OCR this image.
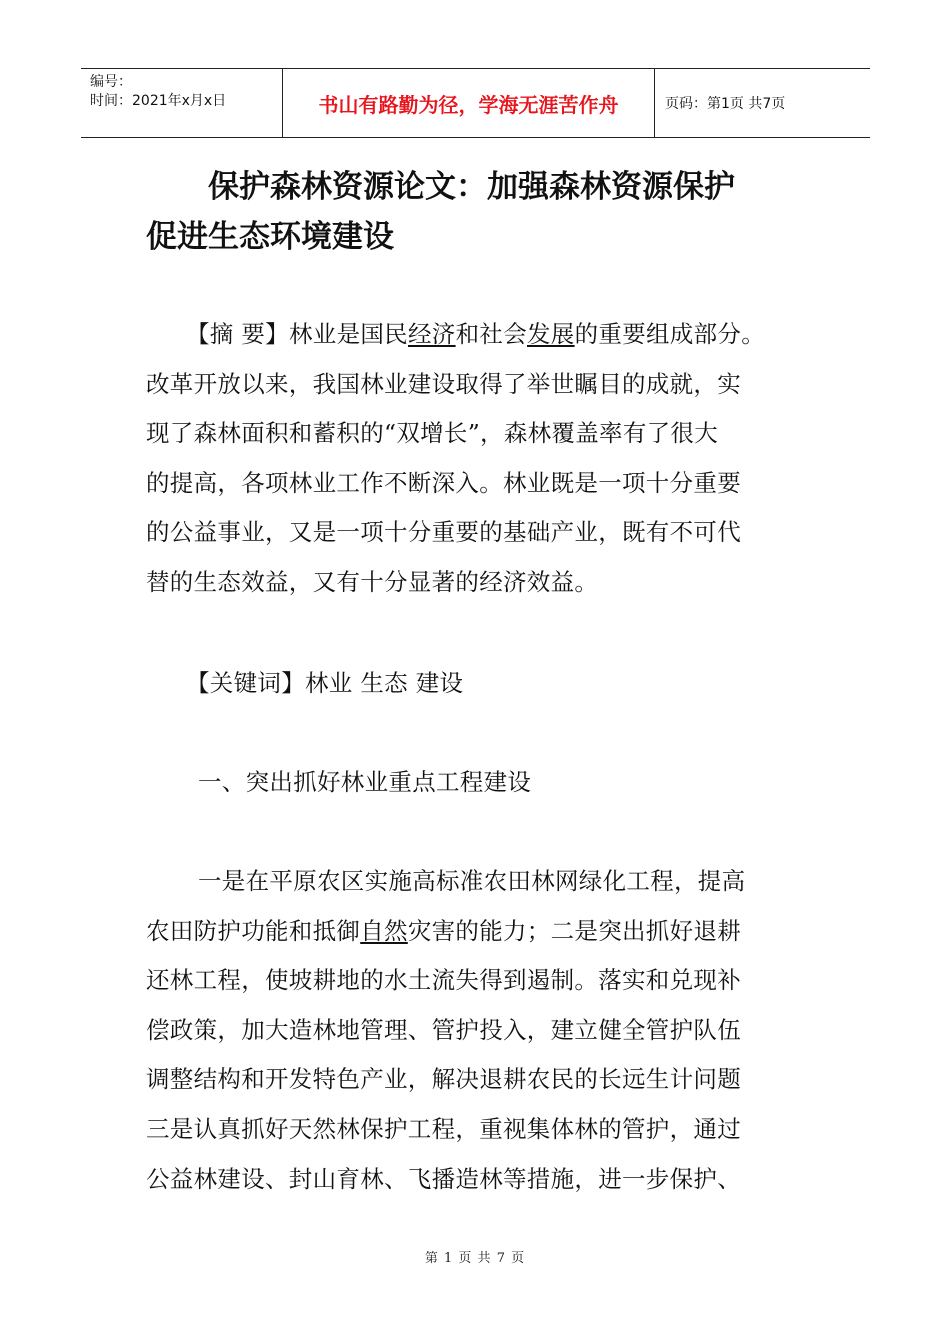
编号：
时间：2021年x月x日	书山有路勤为径，学海无涯苦作舟	页码：第1页 共7页
保护森林资源论文：加强森林资源保护
促进生态环境建设
【摘 要】林业是国民经济和社会发展的重要组成部分。
改革开放以来，我国林业建设取得了举世瞩目的成就，实
现了森林面积和蓄积的“双增长”，森林覆盖率有了很大
的提高，各项林业工作不断深入。林业既是一项十分重要
的公益事业，又是一项十分重要的基础产业，既有不可代
替的生态效益，又有十分显著的经济效益。
【关键词】林业 生态 建设
一、突出抓好林业重点工程建设
一是在平原农区实施高标准农田林网绿化工程，提高
农田防护功能和抵御自然灾害的能力；二是突出抓好退耕
还林工程，使坡耕地的水土流失得到遏制。落实和兑现补
偿政策，加大造林地管理、管护投入，建立健全管护队伍
调整结构和开发特色产业，解决退耕农民的长远生计问题
三是认真抓好天然林保护工程，重视集体林的管护，通过
公益林建设、封山育林、飞播造林等措施，进一步保护、
第 1 页 共 7 页
